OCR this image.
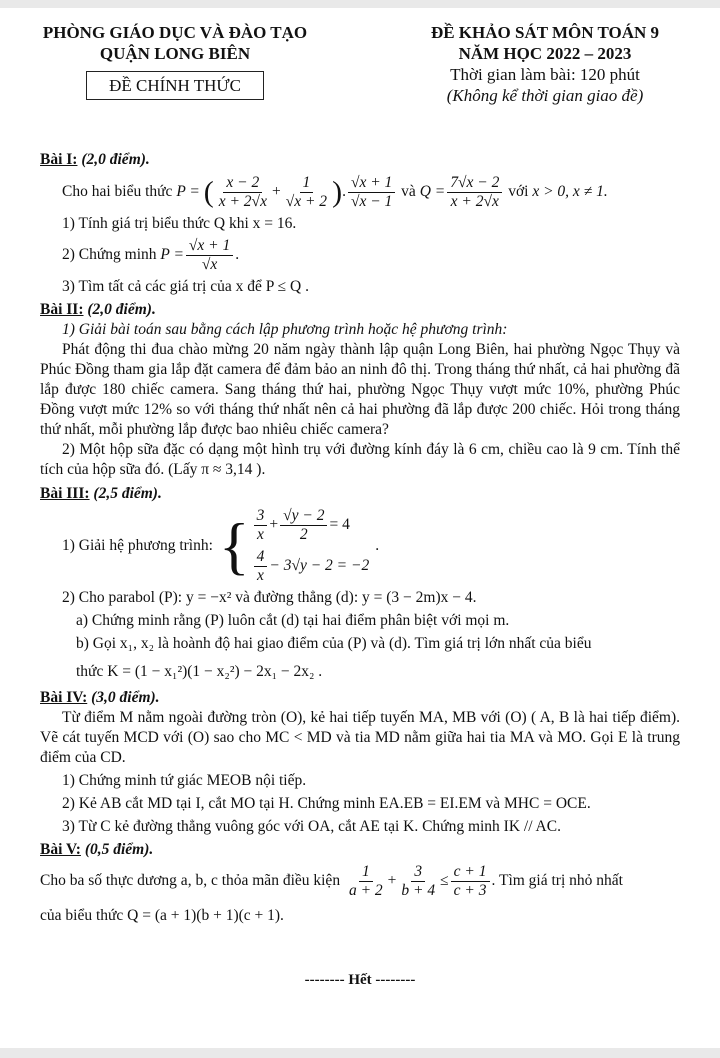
PHÒNG GIÁO DỤC VÀ ĐÀO TẠO
QUẬN LONG BIÊN
ĐỀ CHÍNH THỨC
ĐỀ KHẢO SÁT MÔN TOÁN 9
NĂM HỌC 2022 – 2023
Thời gian làm bài: 120 phút
(Không kể thời gian giao đề)
Bài I: (2,0 điểm).
Cho hai biểu thức P = ( $\frac{x - 2}{x + 2√x} + \frac{1}{√x + 2}$ ). $\frac{√x + 1}{√x - 1}$ và $Q = \frac{7√x - 2}{x + 2√x}$ với x > 0, x ≠ 1.
1) Tính giá trị biểu thức Q khi x = 16.
2) Chứng minh $P = \frac{√x + 1}{√x}$ .
3) Tìm tất cả các giá trị của x để P ≤ Q .
Bài II: (2,0 điểm).
1) Giải bài toán sau bằng cách lập phương trình hoặc hệ phương trình:
Phát động thi đua chào mừng 20 năm ngày thành lập quận Long Biên, hai phường Ngọc Thụy và Phúc Đồng tham gia lắp đặt camera để đảm bảo an ninh đô thị. Trong tháng thứ nhất, cả hai phường đã lắp được 180 chiếc camera. Sang tháng thứ hai, phường Ngọc Thụy vượt mức 10%, phường Phúc Đồng vượt mức 12% so với tháng thứ nhất nên cả hai phường đã lắp được 200 chiếc. Hỏi trong tháng thứ nhất, mỗi phường lắp được bao nhiêu chiếc camera?
2) Một hộp sữa đặc có dạng một hình trụ với đường kính đáy là 6 cm, chiều cao là 9 cm. Tính thể tích của hộp sữa đó. (Lấy π ≈ 3,14 ).
Bài III: (2,5 điểm).
1) Giải hệ phương trình: { $\frac{3}{x} + \frac{√y - 2}{2} = 4$
$\frac{4}{x} - 3√y - 2 = -2$
.
2) Cho parabol (P): y = −x² và đường thẳng (d): y = (3 − 2m)x − 4.
a) Chứng minh rằng (P) luôn cắt (d) tại hai điểm phân biệt với mọi m.
b) Gọi x₁, x₂ là hoành độ hai giao điểm của (P) và (d). Tìm giá trị lớn nhất của biểu
thức K = (1 − x₁²)(1 − x₂²) − 2x₁ − 2x₂ .
Bài IV: (3,0 điểm).
Từ điểm M nằm ngoài đường tròn (O), kẻ hai tiếp tuyến MA, MB với (O) ( A, B là hai tiếp điểm). Vẽ cát tuyến MCD với (O) sao cho MC < MD và tia MD nằm giữa hai tia MA và MO. Gọi E là trung điểm của CD.
1) Chứng minh tứ giác MEOB nội tiếp.
2) Kẻ AB cắt MD tại I, cắt MO tại H. Chứng minh EA.EB = EI.EM và MHC = OCE.
3) Từ C kẻ đường thẳng vuông góc với OA, cắt AE tại K. Chứng minh IK // AC.
Bài V: (0,5 điểm).
Cho ba số thực dương a, b, c thỏa mãn điều kiện $\frac{1}{a + 2} + \frac{3}{b + 4} \le \frac{c + 1}{c + 3}$ . Tìm giá trị nhỏ nhất
của biểu thức Q = (a + 1)(b + 1)(c + 1).
-------- Hết --------
